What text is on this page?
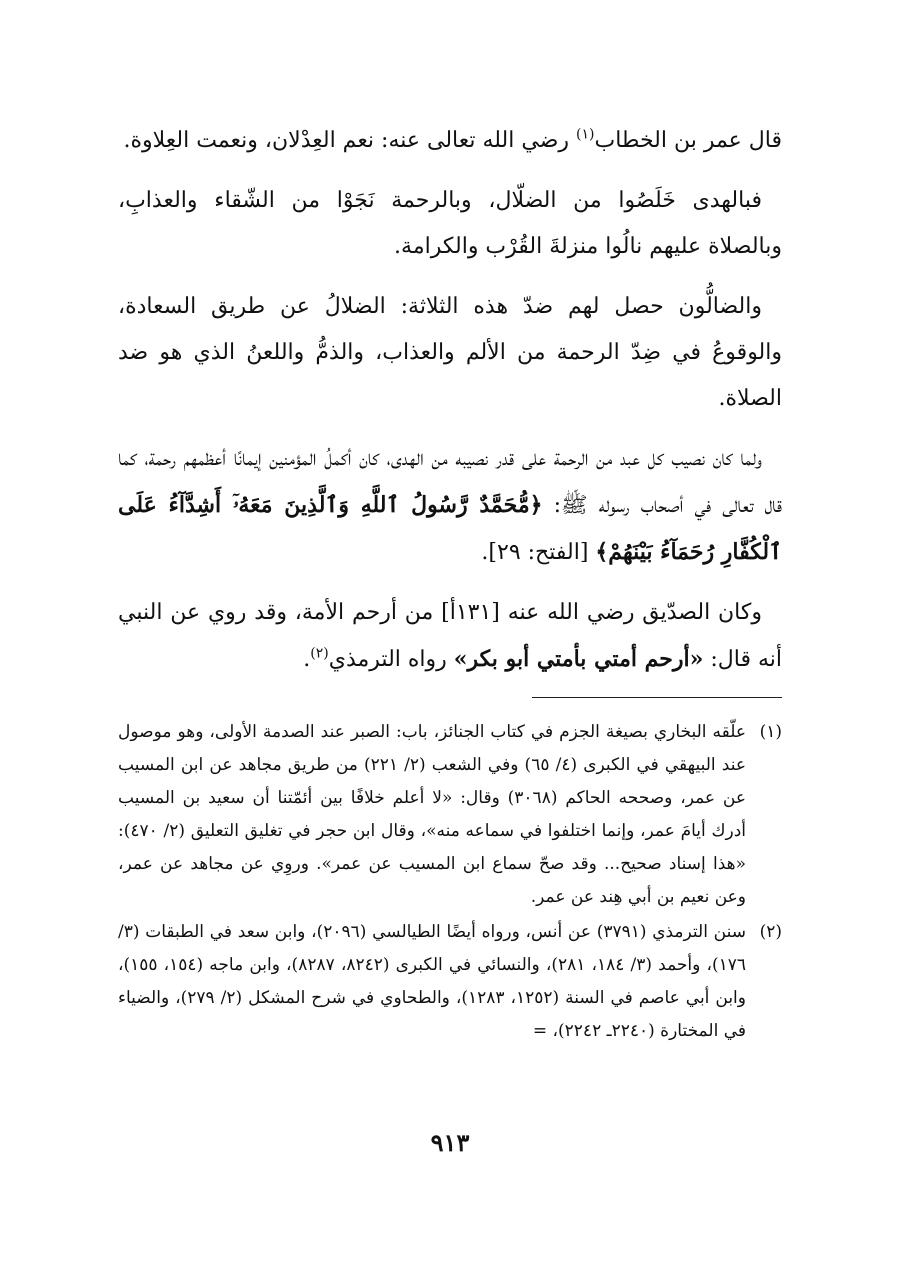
قال عمر بن الخطاب$^{(١)}$ رضي الله تعالى عنه: نعم العِدْلان، ونعمت العِلاوة.

فبالهدى خَلَصُوا من الضلّال، وبالرحمة نَجَوْا من الشّقاء والعذابِ، وبالصلاة عليهم نالُوا منزلةَ القُرْب والكرامة.

والضالُّون حصل لهم ضدّ هذه الثلاثة: الضلالُ عن طريق السعادة، والوقوعُ في ضِدّ الرحمة من الألم والعذاب، والذمُّ واللعنُ الذي هو ضد الصلاة.

ولما كان نصيب كل عبد من الرحمة على قدر نصيبه من الهدى، كان أكملُ المؤمنين إيمانًا أعظمهم رحمة، كما قال تعالى في أصحاب رسوله ﷺ: ﴿مُّحَمَّدٌ رَّسُولُ ٱللَّهِ وَٱلَّذِينَ مَعَهُۥٓ أَشِدَّآءُ عَلَى ٱلْكُفَّارِ رُحَمَآءُ بَيْنَهُمْ﴾ [الفتح: ٢٩].

وكان الصدّيق رضي الله عنه [١٣١أ] من أرحم الأمة، وقد روي عن النبي أنه قال: «أرحم أمتي بأمتي أبو بكر» رواه الترمذي$^{(٢)}$.

(١)
علّقه البخاري بصيغة الجزم في كتاب الجنائز، باب: الصبر عند الصدمة الأولى، وهو موصول عند البيهقي في الكبرى (٤/ ٦٥) وفي الشعب (٢/ ٢٢١) من طريق مجاهد عن ابن المسيب عن عمر، وصححه الحاكم (٣٠٦٨) وقال: «لا أعلم خلافًا بين أئمّتنا أن سعيد بن المسيب أدرك أيامَ عمر، وإنما اختلفوا في سماعه منه»، وقال ابن حجر في تغليق التعليق (٢/ ٤٧٠): «هذا إسناد صحيح... وقد صحّ سماع ابن المسيب عن عمر». وروِي عن مجاهد عن عمر، وعن نعيم بن أبي هِند عن عمر.
(٢)
سنن الترمذي (٣٧٩١) عن أنس، ورواه أيضًا الطيالسي (٢٠٩٦)، وابن سعد في الطبقات (٣/ ١٧٦)، وأحمد (٣/ ١٨٤، ٢٨١)، والنسائي في الكبرى (٨٢٤٢، ٨٢٨٧)، وابن ماجه (١٥٤، ١٥٥)، وابن أبي عاصم في السنة (١٢٥٢، ١٢٨٣)، والطحاوي في شرح المشكل (٢/ ٢٧٩)، والضياء في المختارة (٢٢٤٠ـ ٢٢٤٢)، =
٩١٣
